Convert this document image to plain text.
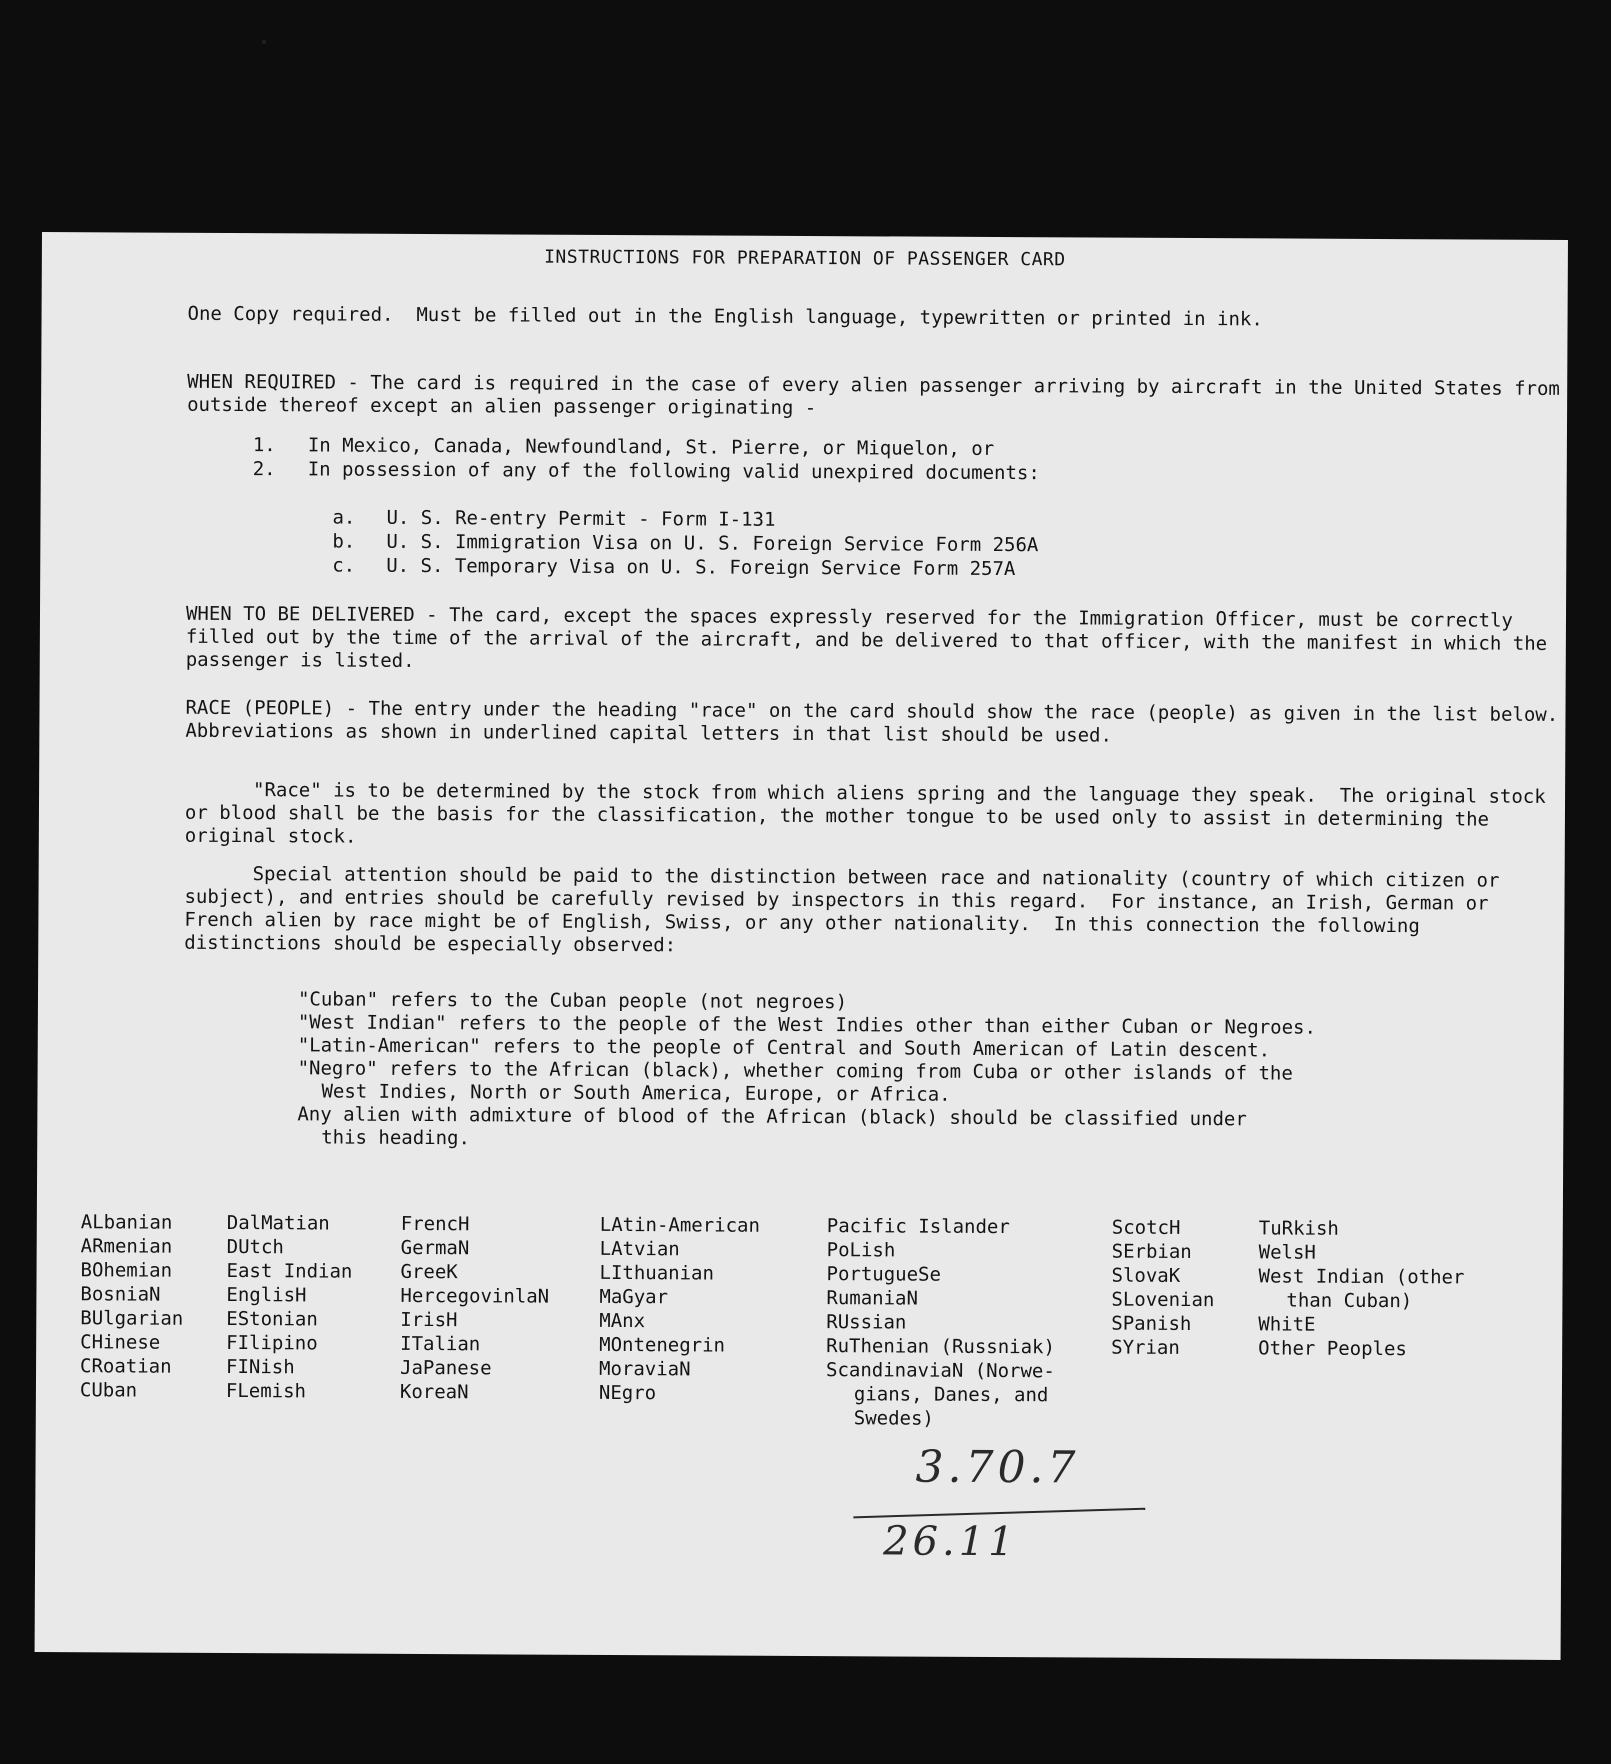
INSTRUCTIONS FOR PREPARATION OF PASSENGER CARD

One Copy required.  Must be filled out in the English language, typewritten or printed in ink.

WHEN REQUIRED - The card is required in the case of every alien passenger arriving by aircraft in the United States from outside thereof except an alien passenger originating -

1. In Mexico, Canada, Newfoundland, St. Pierre, or Miquelon, or
2. In possession of any of the following valid unexpired documents:
a. U. S. Re-entry Permit - Form I-131
b. U. S. Immigration Visa on U. S. Foreign Service Form 256A
c. U. S. Temporary Visa on U. S. Foreign Service Form 257A

WHEN TO BE DELIVERED - The card, except the spaces expressly reserved for the Immigration Officer, must be correctly filled out by the time of the arrival of the aircraft, and be delivered to that officer, with the manifest in which the passenger is listed.

RACE (PEOPLE) - The entry under the heading "race" on the card should show the race (people) as given in the list below.  Abbreviations as shown in underlined capital letters in that list should be used.

"Race" is to be determined by the stock from which aliens spring and the language they speak.  The original stock or blood shall be the basis for the classification, the mother tongue to be used only to assist in determining the original stock.

Special attention should be paid to the distinction between race and nationality (country of which citizen or subject), and entries should be carefully revised by inspectors in this regard.  For instance, an Irish, German or French alien by race might be of English, Swiss, or any other nationality.  In this connection the following distinctions should be especially observed:

"Cuban" refers to the Cuban people (not negroes)
"West Indian" refers to the people of the West Indies other than either Cuban or Negroes.
"Latin-American" refers to the people of Central and South American of Latin descent.
"Negro" refers to the African (black), whether coming from Cuba or other islands of the
West Indies, North or South America, Europe, or Africa.
Any alien with admixture of blood of the African (black) should be classified under
this heading.
ALbanian
ARmenian
BOhemian
BosniaN
BUlgarian
CHinese
CRoatian
CUban
DalMatian
DUtch
East Indian
EnglisH
EStonian
FIlipino
FINish
FLemish
FrencH
GermaN
GreeK
HercegovinlaN
IrisH
ITalian
JaPanese
KoreaN
LAtin-American
LAtvian
LIthuanian
MaGyar
MAnx
MOntenegrin
MoraviaN
NEgro
Pacific Islander
PoLish
PortugueSe
RumaniaN
RUssian
RuThenian (Russniak)
ScandinaviaN (Norwe-
gians, Danes, and
Swedes)
ScotcH
SErbian
SlovaK
SLovenian
SPanish
SYrian
TuRkish
WelsH
West Indian (other
than Cuban)
WhitE
Other Peoples
3.70.7
26.11
